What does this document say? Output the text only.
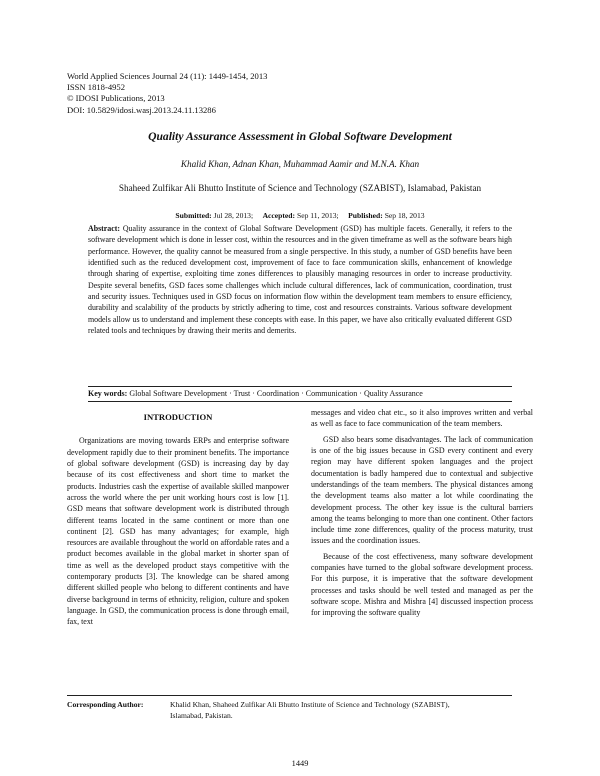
World Applied Sciences Journal 24 (11): 1449-1454, 2013
ISSN 1818-4952
© IDOSI Publications, 2013
DOI: 10.5829/idosi.wasj.2013.24.11.13286
Quality Assurance Assessment in Global Software Development
Khalid Khan, Adnan Khan, Muhammad Aamir and M.N.A. Khan
Shaheed Zulfikar Ali Bhutto Institute of Science and Technology (SZABIST), Islamabad, Pakistan
Submitted: Jul 28, 2013; Accepted: Sep 11, 2013; Published: Sep 18, 2013
Abstract: Quality assurance in the context of Global Software Development (GSD) has multiple facets. Generally, it refers to the software development which is done in lesser cost, within the resources and in the given timeframe as well as the software bears high performance. However, the quality cannot be measured from a single perspective. In this study, a number of GSD benefits have been identified such as the reduced development cost, improvement of face to face communication skills, enhancement of knowledge through sharing of expertise, exploiting time zones differences to plausibly managing resources in order to increase productivity. Despite several benefits, GSD faces some challenges which include cultural differences, lack of communication, coordination, trust and security issues. Techniques used in GSD focus on information flow within the development team members to ensure efficiency, durability and scalability of the products by strictly adhering to time, cost and resources constraints. Various software development models allow us to understand and implement these concepts with ease. In this paper, we have also critically evaluated different GSD related tools and techniques by drawing their merits and demerits.
Key words: Global Software Development · Trust · Coordination · Communication · Quality Assurance
INTRODUCTION

Organizations are moving towards ERPs and enterprise software development rapidly due to their prominent benefits. The importance of global software development (GSD) is increasing day by day because of its cost effectiveness and short time to market the products. Industries cash the expertise of available skilled manpower across the world where the per unit working hours cost is low [1]. GSD means that software development work is distributed through different teams located in the same continent or more than one continent [2]. GSD has many advantages; for example, high resources are available throughout the world on affordable rates and a product becomes available in the global market in shorter span of time as well as the developed product stays competitive with the contemporary products [3]. The knowledge can be shared among different skilled people who belong to different continents and have diverse background in terms of ethnicity, religion, culture and spoken language. In GSD, the communication process is done through email, fax, text

messages and video chat etc., so it also improves written and verbal as well as face to face communication of the team members.

GSD also bears some disadvantages. The lack of communication is one of the big issues because in GSD every continent and every region may have different spoken languages and the project documentation is badly hampered due to contextual and subjective understandings of the team members. The physical distances among the development teams also matter a lot while coordinating the development process. The other key issue is the cultural barriers among the teams belonging to more than one continent. Other factors include time zone differences, quality of the process maturity, trust issues and the coordination issues.

Because of the cost effectiveness, many software development companies have turned to the global software development process. For this purpose, it is imperative that the software development processes and tasks should be well tested and managed as per the software scope. Mishra and Mishra [4] discussed inspection process for improving the software quality

Corresponding Author:	Khalid Khan, Shaheed Zulfikar Ali Bhutto Institute of Science and Technology (SZABIST),
Islamabad, Pakistan.
1449
